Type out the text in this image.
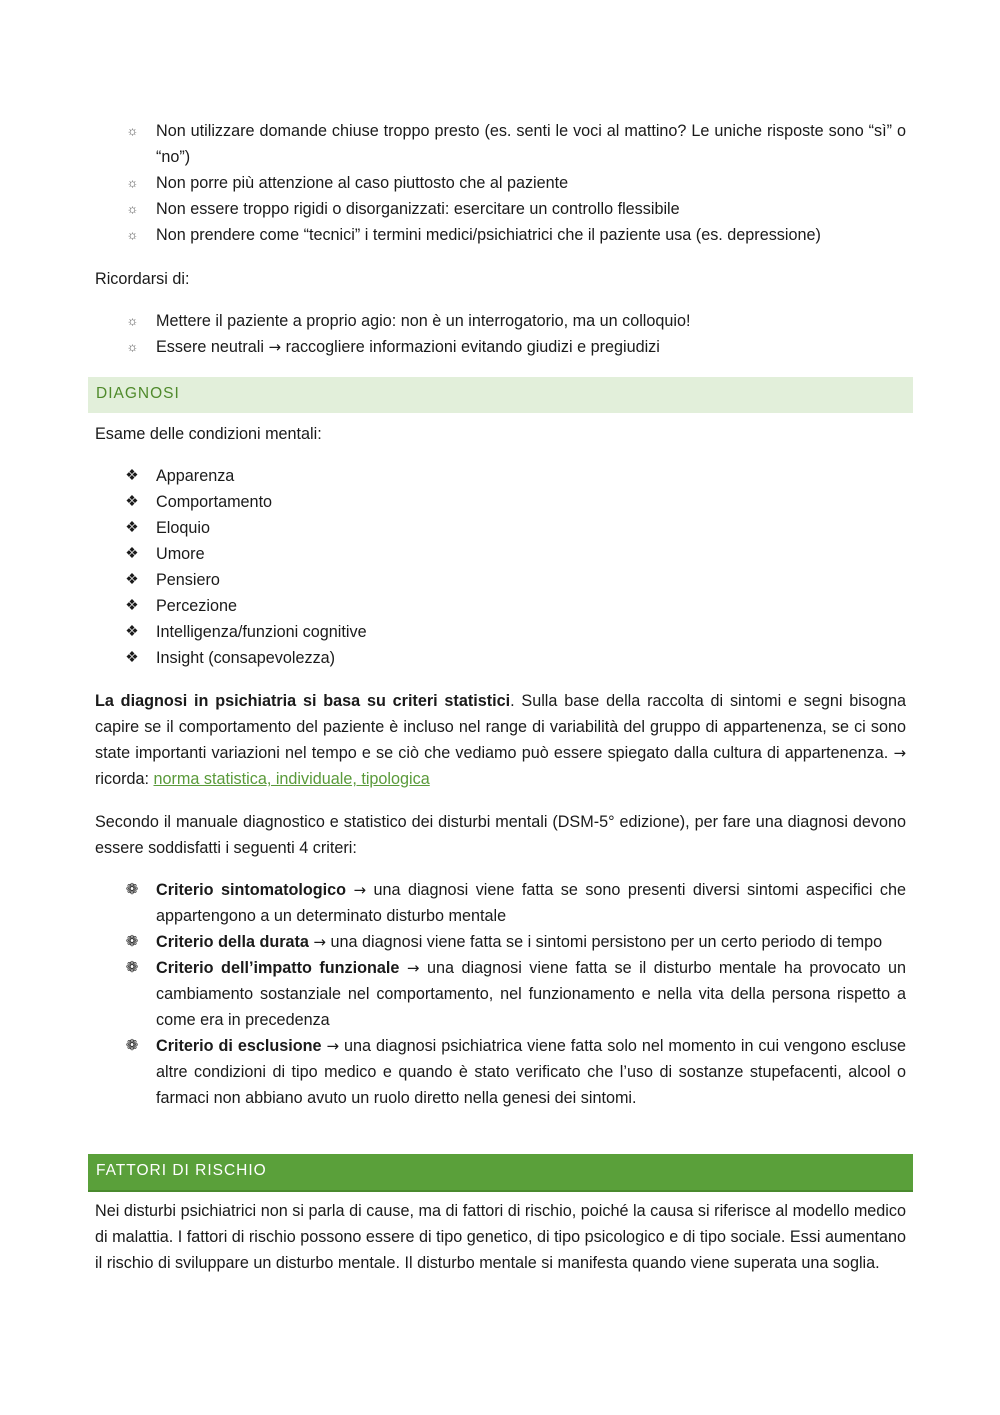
☼ Non utilizzare domande chiuse troppo presto (es. senti le voci al mattino? Le uniche risposte sono “sì” o “no”)
☼ Non porre più attenzione al caso piuttosto che al paziente
☼ Non essere troppo rigidi o disorganizzati: esercitare un controllo flessibile
☼ Non prendere come “tecnici” i termini medici/psichiatrici che il paziente usa (es. depressione)

Ricordarsi di:

☼ Mettere il paziente a proprio agio: non è un interrogatorio, ma un colloquio!
☼ Essere neutrali → raccogliere informazioni evitando giudizi e pregiudizi
DIAGNOSI

Esame delle condizioni mentali:

❖ Apparenza
❖ Comportamento
❖ Eloquio
❖ Umore
❖ Pensiero
❖ Percezione
❖ Intelligenza/funzioni cognitive
❖ Insight (consapevolezza)

La diagnosi in psichiatria si basa su criteri statistici. Sulla base della raccolta di sintomi e segni bisogna capire se il comportamento del paziente è incluso nel range di variabilità del gruppo di appartenenza, se ci sono state importanti variazioni nel tempo e se ciò che vediamo può essere spiegato dalla cultura di appartenenza. → ricorda: norma statistica, individuale, tipologica

Secondo il manuale diagnostico e statistico dei disturbi mentali (DSM-5° edizione), per fare una diagnosi devono essere soddisfatti i seguenti 4 criteri:

❁ Criterio sintomatologico → una diagnosi viene fatta se sono presenti diversi sintomi aspecifici che appartengono a un determinato disturbo mentale
❁ Criterio della durata → una diagnosi viene fatta se i sintomi persistono per un certo periodo di tempo
❁ Criterio dell’impatto funzionale → una diagnosi viene fatta se il disturbo mentale ha provocato un cambiamento sostanziale nel comportamento, nel funzionamento e nella vita della persona rispetto a come era in precedenza
❁ Criterio di esclusione → una diagnosi psichiatrica viene fatta solo nel momento in cui vengono escluse altre condizioni di tipo medico e quando è stato verificato che l’uso di sostanze stupefacenti, alcool o farmaci non abbiano avuto un ruolo diretto nella genesi dei sintomi.
FATTORI DI RISCHIO

Nei disturbi psichiatrici non si parla di cause, ma di fattori di rischio, poiché la causa si riferisce al modello medico di malattia. I fattori di rischio possono essere di tipo genetico, di tipo psicologico e di tipo sociale. Essi aumentano il rischio di sviluppare un disturbo mentale. Il disturbo mentale si manifesta quando viene superata una soglia.
